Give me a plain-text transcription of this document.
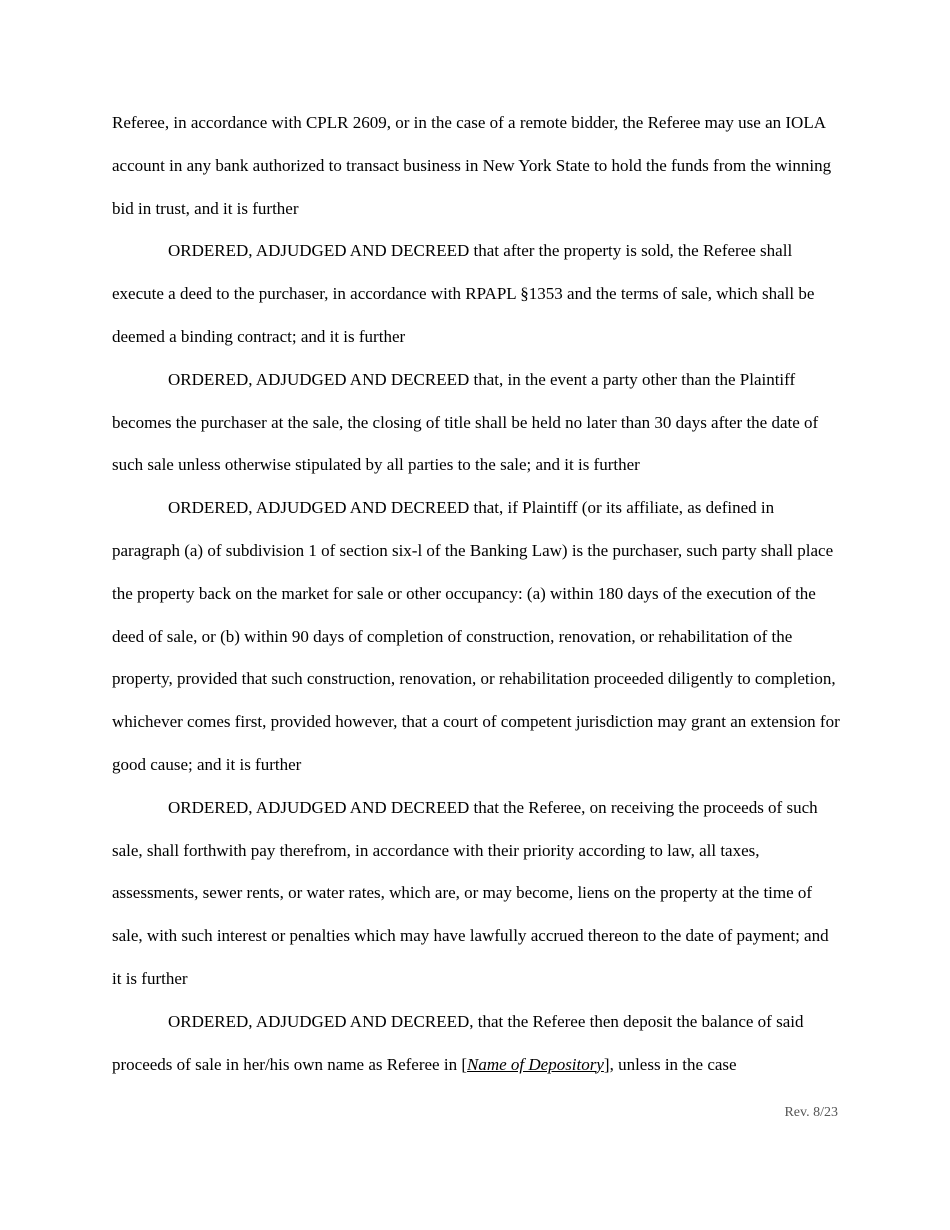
Referee, in accordance with CPLR 2609, or in the case of a remote bidder, the Referee may use an IOLA account in any bank authorized to transact business in New York State to hold the funds from the winning bid in trust, and it is further

ORDERED, ADJUDGED AND DECREED that after the property is sold, the Referee shall execute a deed to the purchaser, in accordance with RPAPL §1353 and the terms of sale, which shall be deemed a binding contract; and it is further

ORDERED, ADJUDGED AND DECREED that, in the event a party other than the Plaintiff becomes the purchaser at the sale, the closing of title shall be held no later than 30 days after the date of such sale unless otherwise stipulated by all parties to the sale; and it is further

ORDERED, ADJUDGED AND DECREED that, if Plaintiff (or its affiliate, as defined in paragraph (a) of subdivision 1 of section six-l of the Banking Law) is the purchaser, such party shall place the property back on the market for sale or other occupancy: (a) within 180 days of the execution of the deed of sale, or (b) within 90 days of completion of construction, renovation, or rehabilitation of the property, provided that such construction, renovation, or rehabilitation proceeded diligently to completion, whichever comes first, provided however, that a court of competent jurisdiction may grant an extension for good cause; and it is further

ORDERED, ADJUDGED AND DECREED that the Referee, on receiving the proceeds of such sale, shall forthwith pay therefrom, in accordance with their priority according to law, all taxes, assessments, sewer rents, or water rates, which are, or may become, liens on the property at the time of sale, with such interest or penalties which may have lawfully accrued thereon to the date of payment; and it is further

ORDERED, ADJUDGED AND DECREED, that the Referee then deposit the balance of said proceeds of sale in her/his own name as Referee in [Name of Depository], unless in the case

Rev. 8/23
